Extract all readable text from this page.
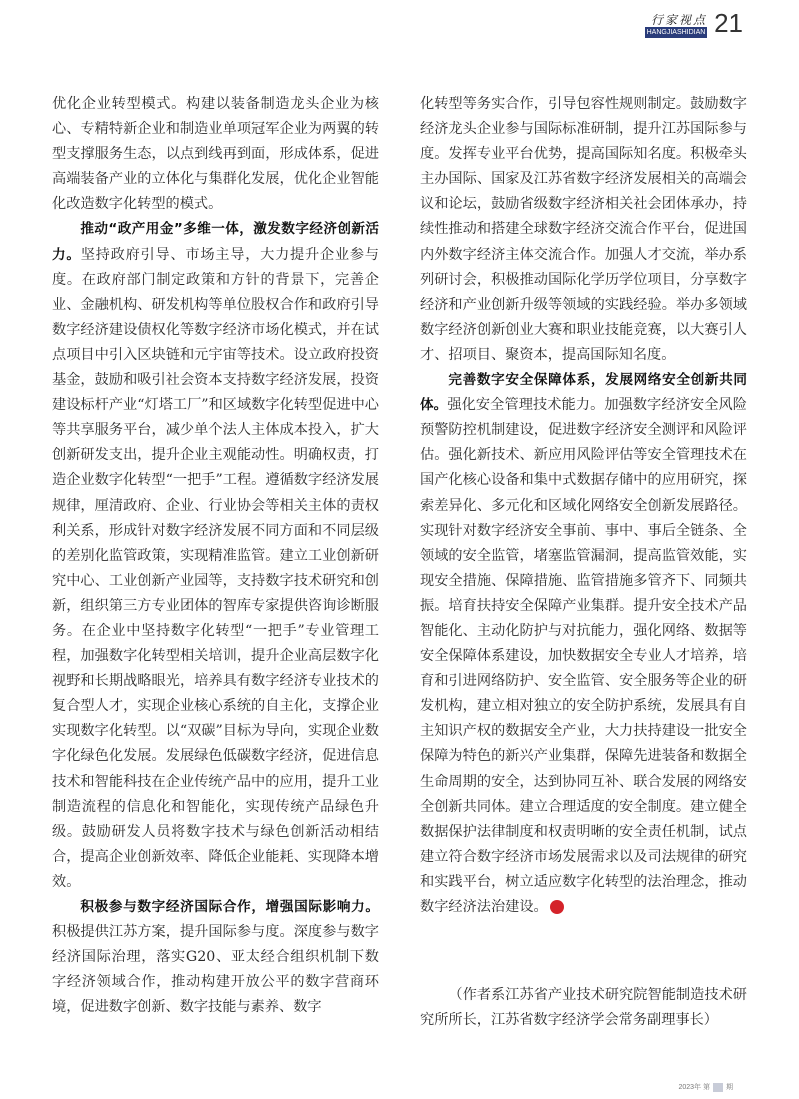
行家视点
HANGJIASHIDIAN 21

优化企业转型模式。构建以装备制造龙头企业为核心、专精特新企业和制造业单项冠军企业为两翼的转型支撑服务生态，以点到线再到面，形成体系，促进高端装备产业的立体化与集群化发展，优化企业智能化改造数字化转型的模式。

推动“政产用金”多维一体，激发数字经济创新活力。坚持政府引导、市场主导，大力提升企业参与度。在政府部门制定政策和方针的背景下，完善企业、金融机构、研发机构等单位股权合作和政府引导数字经济建设债权化等数字经济市场化模式，并在试点项目中引入区块链和元宇宙等技术。设立政府投资基金，鼓励和吸引社会资本支持数字经济发展，投资建设标杆产业“灯塔工厂”和区域数字化转型促进中心等共享服务平台，减少单个法人主体成本投入，扩大创新研发支出，提升企业主观能动性。明确权责，打造企业数字化转型“一把手”工程。遵循数字经济发展规律，厘清政府、企业、行业协会等相关主体的责权利关系，形成针对数字经济发展不同方面和不同层级的差别化监管政策，实现精准监管。建立工业创新研究中心、工业创新产业园等，支持数字技术研究和创新，组织第三方专业团体的智库专家提供咨询诊断服务。在企业中坚持数字化转型“一把手”专业管理工程，加强数字化转型相关培训，提升企业高层数字化视野和长期战略眼光，培养具有数字经济专业技术的复合型人才，实现企业核心系统的自主化，支撑企业实现数字化转型。以“双碳”目标为导向，实现企业数字化绿色化发展。发展绿色低碳数字经济，促进信息技术和智能科技在企业传统产品中的应用，提升工业制造流程的信息化和智能化，实现传统产品绿色升级。鼓励研发人员将数字技术与绿色创新活动相结合，提高企业创新效率、降低企业能耗、实现降本增效。

积极参与数字经济国际合作，增强国际影响力。积极提供江苏方案，提升国际参与度。深度参与数字经济国际治理，落实G20、亚太经合组织机制下数字经济领域合作，推动构建开放公平的数字营商环境，促进数字创新、数字技能与素养、数字

化转型等务实合作，引导包容性规则制定。鼓励数字经济龙头企业参与国际标准研制，提升江苏国际参与度。发挥专业平台优势，提高国际知名度。积极牵头主办国际、国家及江苏省数字经济发展相关的高端会议和论坛，鼓励省级数字经济相关社会团体承办，持续性推动和搭建全球数字经济交流合作平台，促进国内外数字经济主体交流合作。加强人才交流，举办系列研讨会，积极推动国际化学历学位项目，分享数字经济和产业创新升级等领域的实践经验。举办多领域数字经济创新创业大赛和职业技能竞赛，以大赛引人才、招项目、聚资本，提高国际知名度。

完善数字安全保障体系，发展网络安全创新共同体。强化安全管理技术能力。加强数字经济安全风险预警防控机制建设，促进数字经济安全测评和风险评估。强化新技术、新应用风险评估等安全管理技术在国产化核心设备和集中式数据存储中的应用研究，探索差异化、多元化和区域化网络安全创新发展路径。实现针对数字经济安全事前、事中、事后全链条、全领域的安全监管，堵塞监管漏洞，提高监管效能，实现安全措施、保障措施、监管措施多管齐下、同频共振。培育扶持安全保障产业集群。提升安全技术产品智能化、主动化防护与对抗能力，强化网络、数据等安全保障体系建设，加快数据安全专业人才培养，培育和引进网络防护、安全监管、安全服务等企业的研发机构，建立相对独立的安全防护系统，发展具有自主知识产权的数据安全产业，大力扶持建设一批安全保障为特色的新兴产业集群，保障先进装备和数据全生命周期的安全，达到协同互补、联合发展的网络安全创新共同体。建立合理适度的安全制度。建立健全数据保护法律制度和权责明晰的安全责任机制，试点建立符合数字经济市场发展需求以及司法规律的研究和实践平台，树立适应数字化转型的法治理念，推动数字经济法治建设。	℗

（作者系江苏省产业技术研究院智能制造技术研究所所长，江苏省数字经济学会常务副理事长）

2023年 第 期
